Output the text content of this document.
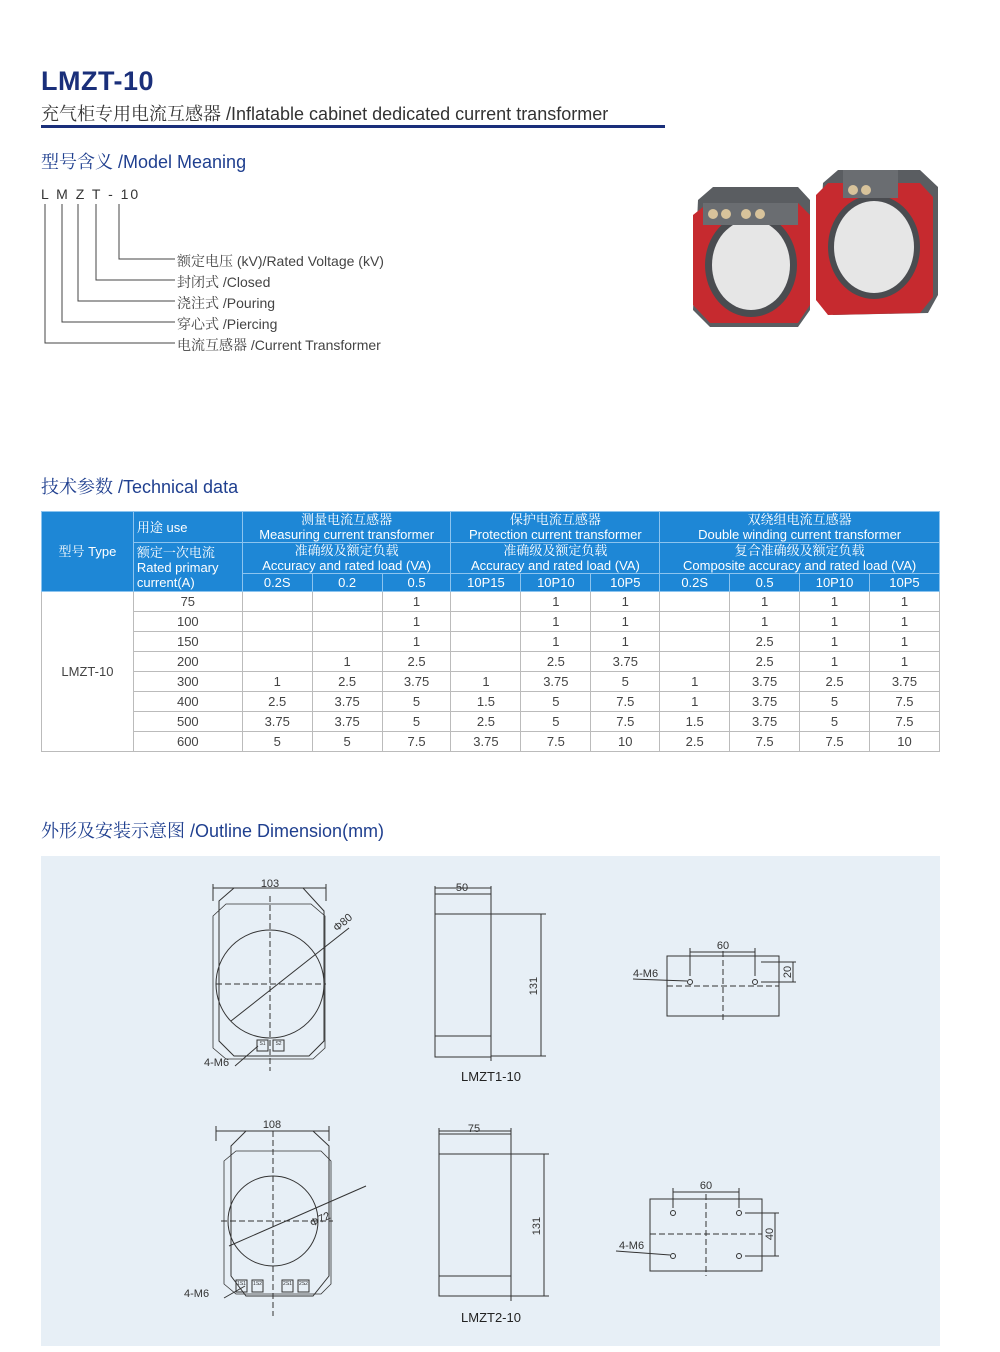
LMZT-10
充气柜专用电流互感器 /Inflatable cabinet dedicated current transformer
型号含义 /Model Meaning
L M Z T - 10
额定电压 (kV)/Rated Voltage (kV)
封闭式 /Closed
浇注式 /Pouring
穿心式 /Piercing
电流互感器 /Current Transformer
技术参数 /Technical data
型号 Type	用途 use	测量电流互感器
Measuring current transformer			保护电流互感器
Protection current transformer			双绕组电流互感器
Double winding current transformer			
	额定一次电流
Rated primary
current(A)	准确级及额定负载
Accuracy and rated load (VA)			准确级及额定负载
Accuracy and rated load (VA)			复合准确级及额定负载
Composite accuracy and rated load (VA)			
		0.2S	0.2	0.5	10P15	10P10	10P5	0.2S	0.5	10P10	10P5
LMZT-10	75			1		1	1		1	1	1
	100			1		1	1		1	1	1
	150			1		1	1		2.5	1	1
	200		1	2.5		2.5	3.75		2.5	1	1
	300	1	2.5	3.75	1	3.75	5	1	3.75	2.5	3.75
	400	2.5	3.75	5	1.5	5	7.5	1	3.75	5	7.5
	500	3.75	3.75	5	2.5	5	7.5	1.5	3.75	5	7.5
	600	5	5	7.5	3.75	7.5	10	2.5	7.5	7.5	10
外形及安装示意图 /Outline Dimension(mm)
103
Φ80
4-M6
50
131
60
20
4-M6
Φ72
108
4-M6
75
131
60
40
4-M6
S1 S2
1S1 1S2	2S1 2S2
LMZT1-10
LMZT2-10
